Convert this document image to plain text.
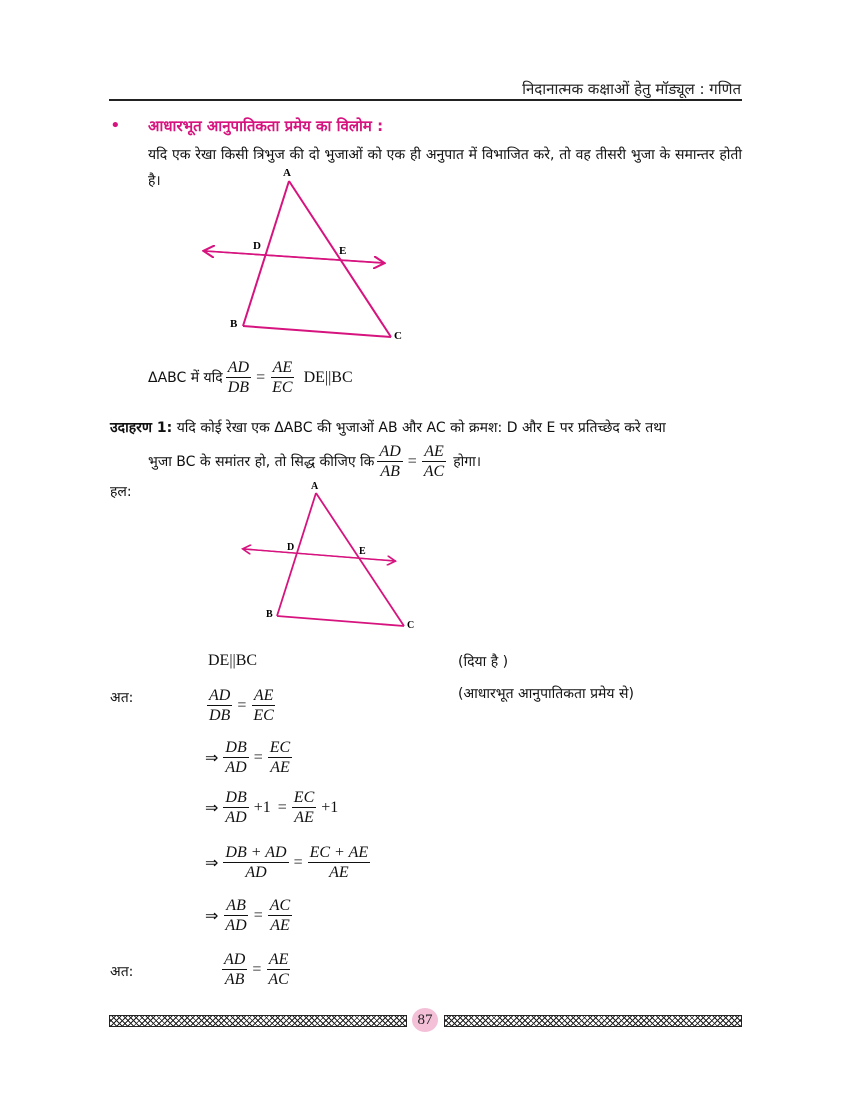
निदानात्मक कक्षाओं हेतु मॉड्यूल : गणित
• आधारभूत आनुपातिकता प्रमेय का विलोम :
यदि एक रेखा किसी त्रिभुज की दो भुजाओं को एक ही अनुपात में विभाजित करे, तो वह तीसरी भुजा के समान्तर होती है।	A
D	E
B
C
ΔABC में यदि $\frac{AD}{DB} = \frac{AE}{EC} DE||BC$
उदाहरण 1: यदि कोई रेखा एक ΔABC की भुजाओं AB और AC को क्रमश: D और E पर प्रतिच्छेद करे तथा
भुजा BC के समांतर हो, तो सिद्ध कीजिए कि $\frac{AD}{AB} = \frac{AE}{AC}$ होगा।
हल:	A
D	E
B
C
DE||BC	(दिया है )
अत:	$\frac{AD}{DB} = \frac{AE}{EC}$	(आधारभूत आनुपातिकता प्रमेय से)
⇒ $\frac{DB}{AD} = \frac{EC}{AE}$
⇒ $\frac{DB}{AD} +1 = \frac{EC}{AE} +1$
⇒ $\frac{DB + AD}{AD} = \frac{EC + AE}{AE}$
⇒ $\frac{AB}{AD} = \frac{AC}{AE}$
अत:	$\frac{AD}{AB} = \frac{AE}{AC}$
87
